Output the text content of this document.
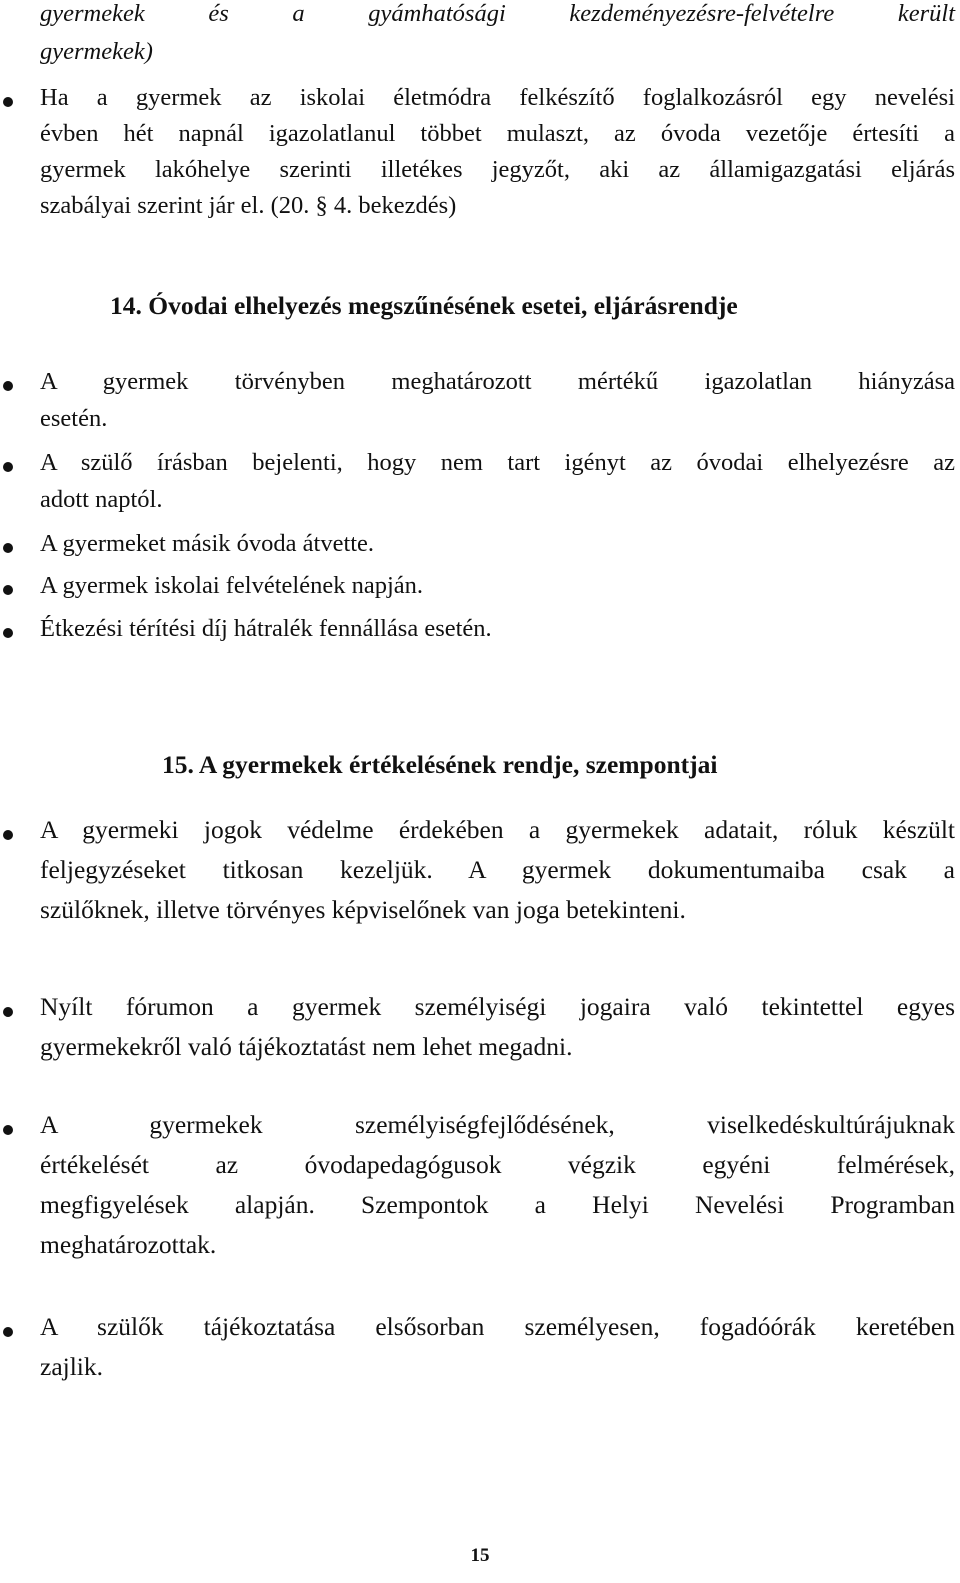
gyermekek és a gyámhatósági kezdeményezésre-felvételre került
gyermekek)
Ha a gyermek az iskolai életmódra felkészítő foglalkozásról egy nevelési
évben hét napnál igazolatlanul többet mulaszt, az óvoda vezetője értesíti a
gyermek lakóhelye szerinti illetékes jegyzőt, aki az államigazgatási eljárás
szabályai szerint jár el. (20. § 4. bekezdés)
14. Óvodai elhelyezés megszűnésének esetei, eljárásrendje
A gyermek törvényben meghatározott mértékű igazolatlan hiányzása
esetén.
A szülő írásban bejelenti, hogy nem tart igényt az óvodai elhelyezésre az
adott naptól.
A gyermeket másik óvoda átvette.
A gyermek iskolai felvételének napján.
Étkezési térítési díj hátralék fennállása esetén.
15. A gyermekek értékelésének rendje, szempontjai
A gyermeki jogok védelme érdekében a gyermekek adatait, róluk készült
feljegyzéseket titkosan kezeljük. A gyermek dokumentumaiba csak a
szülőknek, illetve törvényes képviselőnek van joga betekinteni.
Nyílt fórumon a gyermek személyiségi jogaira való tekintettel egyes
gyermekekről való tájékoztatást nem lehet megadni.
A gyermekek személyiségfejlődésének, viselkedéskultúrájuknak
értékelését az óvodapedagógusok végzik egyéni felmérések,
megfigyelések alapján. Szempontok a Helyi Nevelési Programban
meghatározottak.
A szülők tájékoztatása elsősorban személyesen, fogadóórák keretében
zajlik.
15
